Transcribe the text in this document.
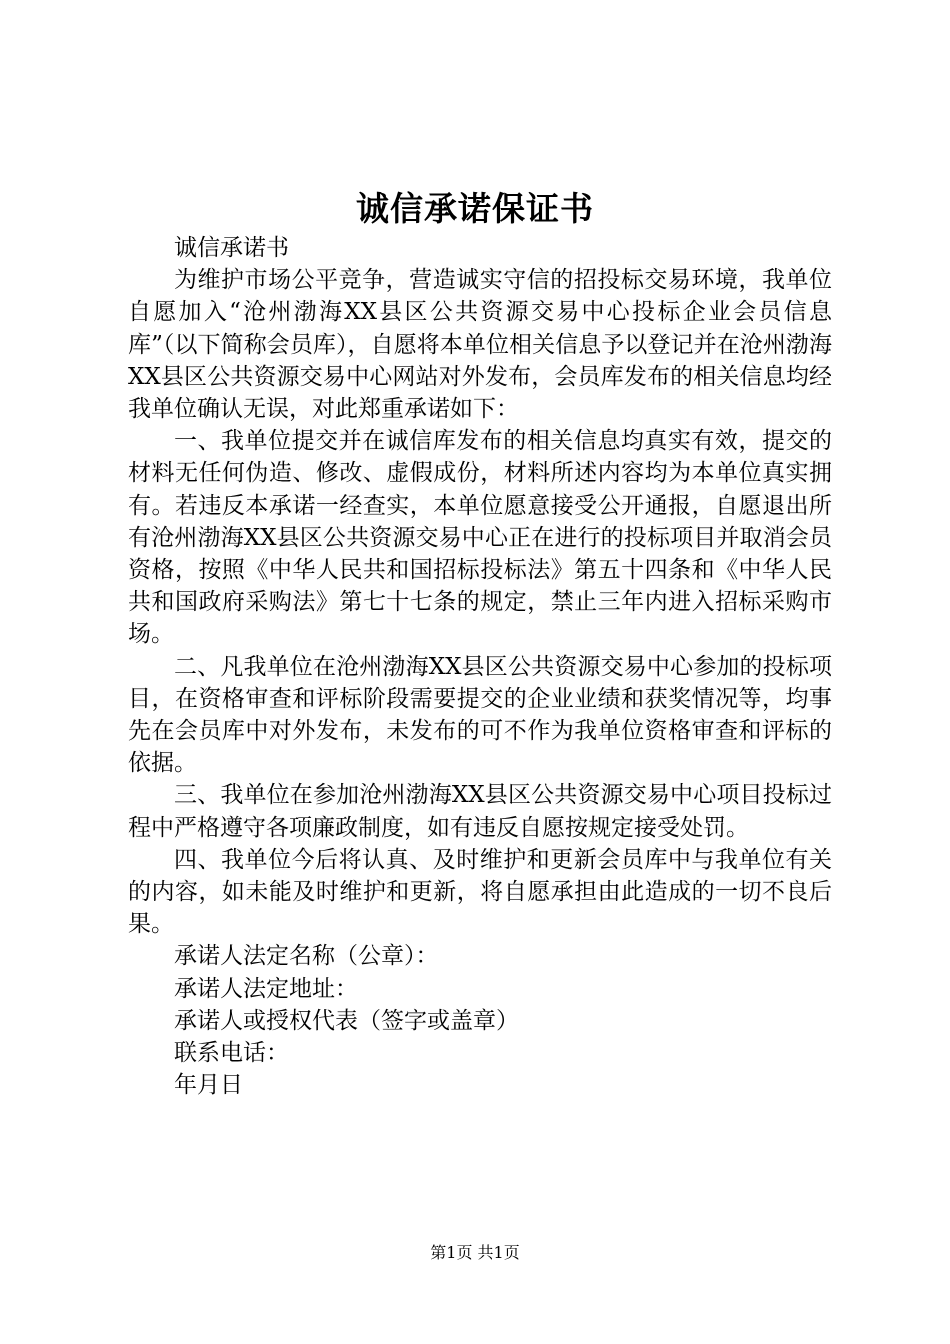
诚信承诺保证书

诚信承诺书

为维护市场公平竞争，营造诚实守信的招投标交易环境，我单位自愿加入“沧州渤海XX县区公共资源交易中心投标企业会员信息库”（以下简称会员库），自愿将本单位相关信息予以登记并在沧州渤海XX县区公共资源交易中心网站对外发布，会员库发布的相关信息均经我单位确认无误，对此郑重承诺如下：

一、我单位提交并在诚信库发布的相关信息均真实有效，提交的材料无任何伪造、修改、虚假成份，材料所述内容均为本单位真实拥有。若违反本承诺一经查实，本单位愿意接受公开通报，自愿退出所有沧州渤海XX县区公共资源交易中心正在进行的投标项目并取消会员资格，按照《中华人民共和国招标投标法》第五十四条和《中华人民共和国政府采购法》第七十七条的规定，禁止三年内进入招标采购市场。

二、凡我单位在沧州渤海XX县区公共资源交易中心参加的投标项目，在资格审查和评标阶段需要提交的企业业绩和获奖情况等，均事先在会员库中对外发布，未发布的可不作为我单位资格审查和评标的依据。

三、我单位在参加沧州渤海XX县区公共资源交易中心项目投标过程中严格遵守各项廉政制度，如有违反自愿按规定接受处罚。

四、我单位今后将认真、及时维护和更新会员库中与我单位有关的内容，如未能及时维护和更新，将自愿承担由此造成的一切不良后果。

承诺人法定名称（公章）：

承诺人法定地址：

承诺人或授权代表（签字或盖章）

联系电话：

年月日

第1页 共1页
